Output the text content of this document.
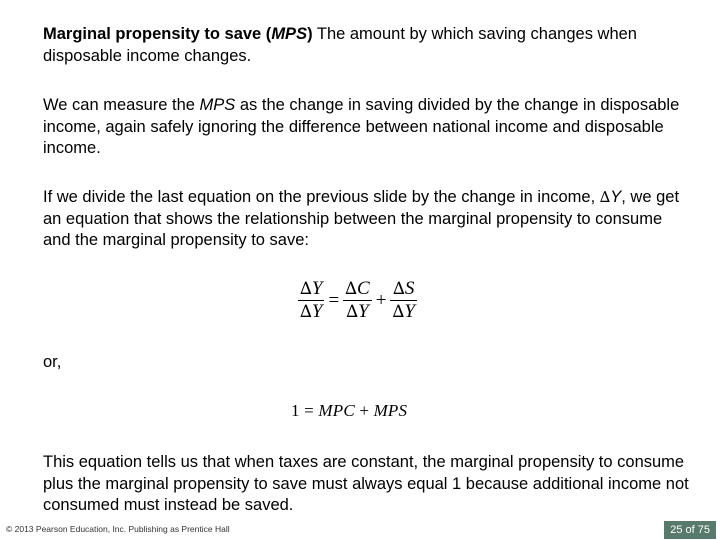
Marginal propensity to save (MPS) The amount by which saving changes when disposable income changes.

We can measure the MPS as the change in saving divided by the change in disposable income, again safely ignoring the difference between national income and disposable income.

If we divide the last equation on the previous slide by the change in income, ∆Y, we get an equation that shows the relationship between the marginal propensity to consume and the marginal propensity to save:

$\frac{\Delta Y}{\Delta Y} = \frac{\Delta C}{\Delta Y} + \frac{\Delta S}{\Delta Y}$

or,

1 = MPC + MPS

This equation tells us that when taxes are constant, the marginal propensity to consume plus the marginal propensity to save must always equal 1 because additional income not consumed must instead be saved.

© 2013 Pearson Education, Inc. Publishing as Prentice Hall	25 of 75
